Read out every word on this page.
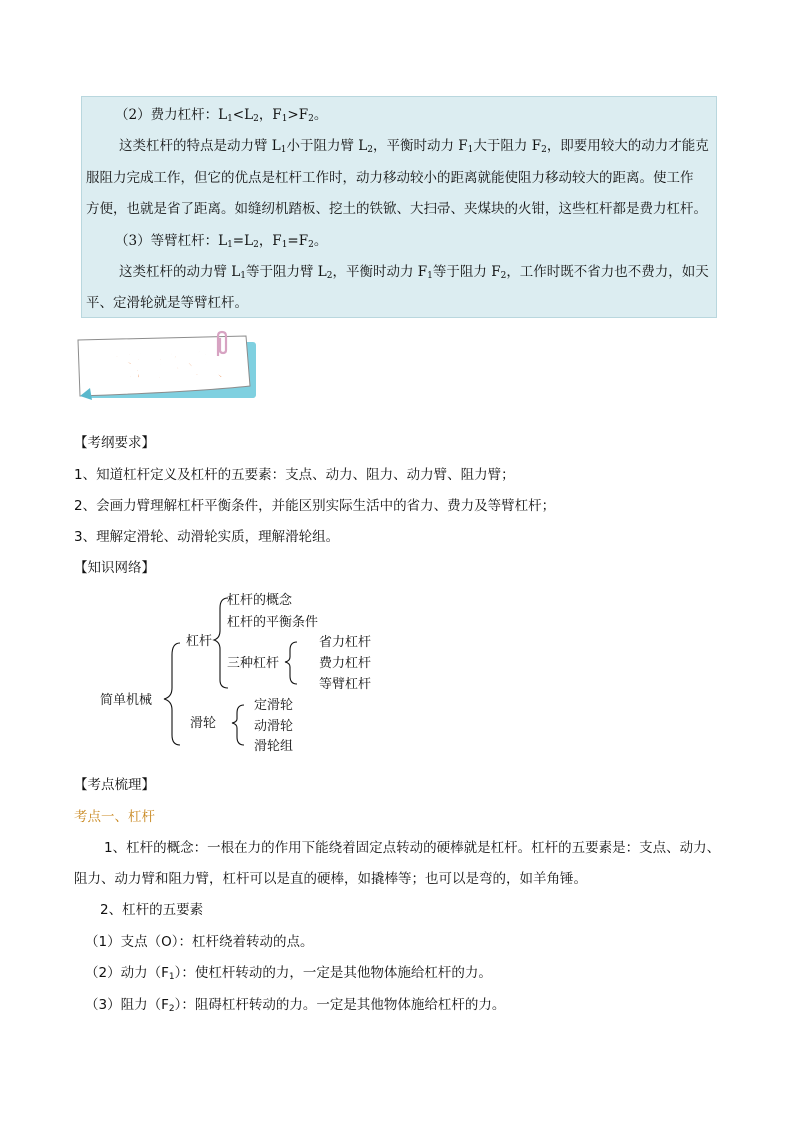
（2）费力杠杆：$L_1<L_2$，$F_1>F_2$。
这类杠杆的特点是动力臂 $L_1$小于阻力臂 $L_2$，平衡时动力 $F_1$大于阻力 $F_2$，即要用较大的动力才能克
服阻力完成工作，但它的优点是杠杆工作时，动力移动较小的距离就能使阻力移动较大的距离。使工作
方便，也就是省了距离。如缝纫机踏板、挖土的铁锨、大扫帚、夹煤块的火钳，这些杠杆都是费力杠杆。
（3）等臂杠杆：$L_1=L_2$，$F_1=F_2$。
这类杠杆的动力臂 $L_1$等于阻力臂 $L_2$，平衡时动力 $F_1$等于阻力 $F_2$，工作时既不省力也不费力，如天
平、定滑轮就是等臂杠杆。
查漏补缺
【考纲要求】
1、知道杠杆定义及杠杆的五要素：支点、动力、阻力、动力臂、阻力臂；
2、会画力臂理解杠杆平衡条件，并能区别实际生活中的省力、费力及等臂杠杆；
3、理解定滑轮、动滑轮实质，理解滑轮组。
【知识网络】
简单机械
杠杆
杠杆的概念
杠杆的平衡条件
三种杠杆
省力杠杆
费力杠杆
等臂杠杆
滑轮
定滑轮
动滑轮
滑轮组
【考点梳理】
考点一、杠杆
1、杠杆的概念：一根在力的作用下能绕着固定点转动的硬棒就是杠杆。杠杆的五要素是：支点、动力、
阻力、动力臂和阻力臂，杠杆可以是直的硬棒，如撬棒等；也可以是弯的，如羊角锤。
2、杠杆的五要素
（1）支点（O）：杠杆绕着转动的点。
（2）动力$(F_1)$：使杠杆转动的力，一定是其他物体施给杠杆的力。
（3）阻力$(F_2)$：阻碍杠杆转动的力。一定是其他物体施给杠杆的力。
